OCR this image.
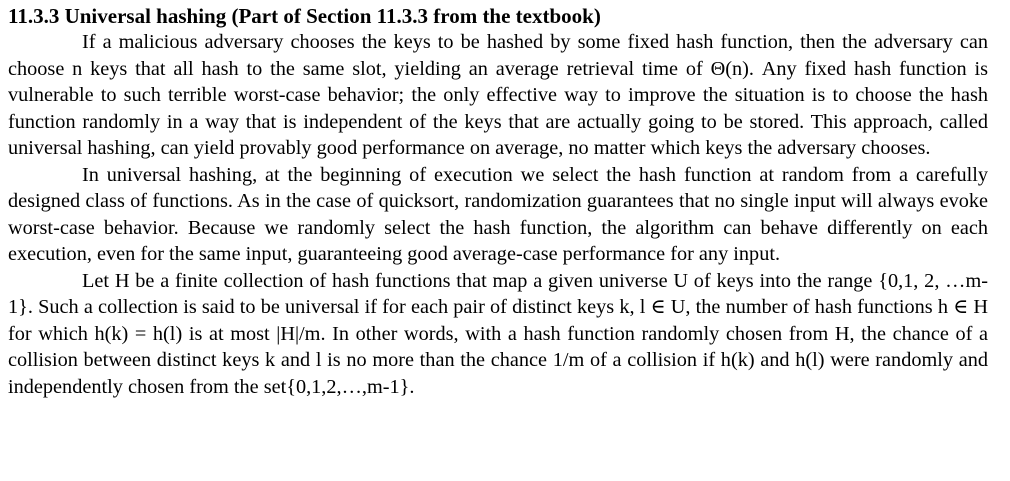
11.3.3 Universal hashing (Part of Section 11.3.3 from the textbook)

If a malicious adversary chooses the keys to be hashed by some fixed hash function, then the adversary can choose n keys that all hash to the same slot, yielding an average retrieval time of Θ(n). Any fixed hash function is vulnerable to such terrible worst-case behavior; the only effective way to improve the situation is to choose the hash function randomly in a way that is independent of the keys that are actually going to be stored. This approach, called universal hashing, can yield provably good performance on average, no matter which keys the adversary chooses.

In universal hashing, at the beginning of execution we select the hash function at random from a carefully designed class of functions. As in the case of quicksort, randomization guarantees that no single input will always evoke worst-case behavior. Because we randomly select the hash function, the algorithm can behave differently on each execution, even for the same input, guaranteeing good average-case performance for any input.

Let H be a finite collection of hash functions that map a given universe U of keys into the range {0,1, 2, …m-1}. Such a collection is said to be universal if for each pair of distinct keys k, l ∈ U, the number of hash functions h ∈ H for which h(k) = h(l) is at most |H|/m. In other words, with a hash function randomly chosen from H, the chance of a collision between distinct keys k and l is no more than the chance 1/m of a collision if h(k) and h(l) were randomly and independently chosen from the set{0,1,2,…,m-1}.
